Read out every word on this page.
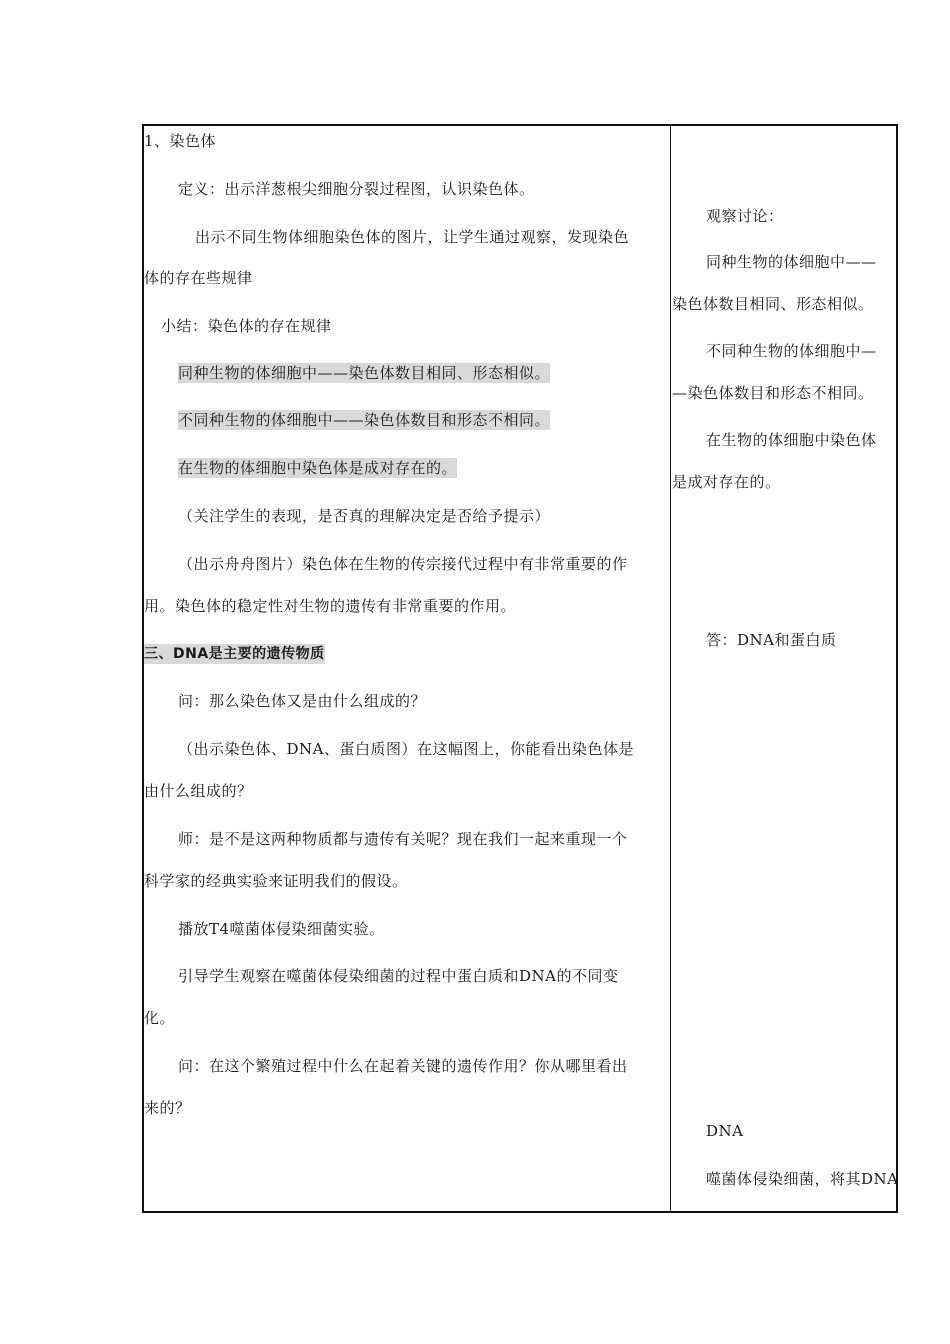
1、染色体
定义：出示洋葱根尖细胞分裂过程图，认识染色体。
出示不同生物体细胞染色体的图片，让学生通过观察，发现染色
体的存在些规律
小结：染色体的存在规律
同种生物的体细胞中——染色体数目相同、形态相似。
不同种生物的体细胞中——染色体数目和形态不相同。
在生物的体细胞中染色体是成对存在的。
（关注学生的表现，是否真的理解决定是否给予提示）
（出示舟舟图片）染色体在生物的传宗接代过程中有非常重要的作
用。染色体的稳定性对生物的遗传有非常重要的作用。
三、DNA是主要的遗传物质
问：那么染色体又是由什么组成的？
（出示染色体、DNA、蛋白质图）在这幅图上，你能看出染色体是
由什么组成的？
师：是不是这两种物质都与遗传有关呢？现在我们一起来重现一个
科学家的经典实验来证明我们的假设。
播放T4噬菌体侵染细菌实验。
引导学生观察在噬菌体侵染细菌的过程中蛋白质和DNA的不同变
化。
问：在这个繁殖过程中什么在起着关键的遗传作用？你从哪里看出
来的？
观察讨论：
同种生物的体细胞中——
染色体数目相同、形态相似。
不同种生物的体细胞中—
—染色体数目和形态不相同。
在生物的体细胞中染色体
是成对存在的。
答：DNA和蛋白质
DNA
噬菌体侵染细菌，将其DNA
